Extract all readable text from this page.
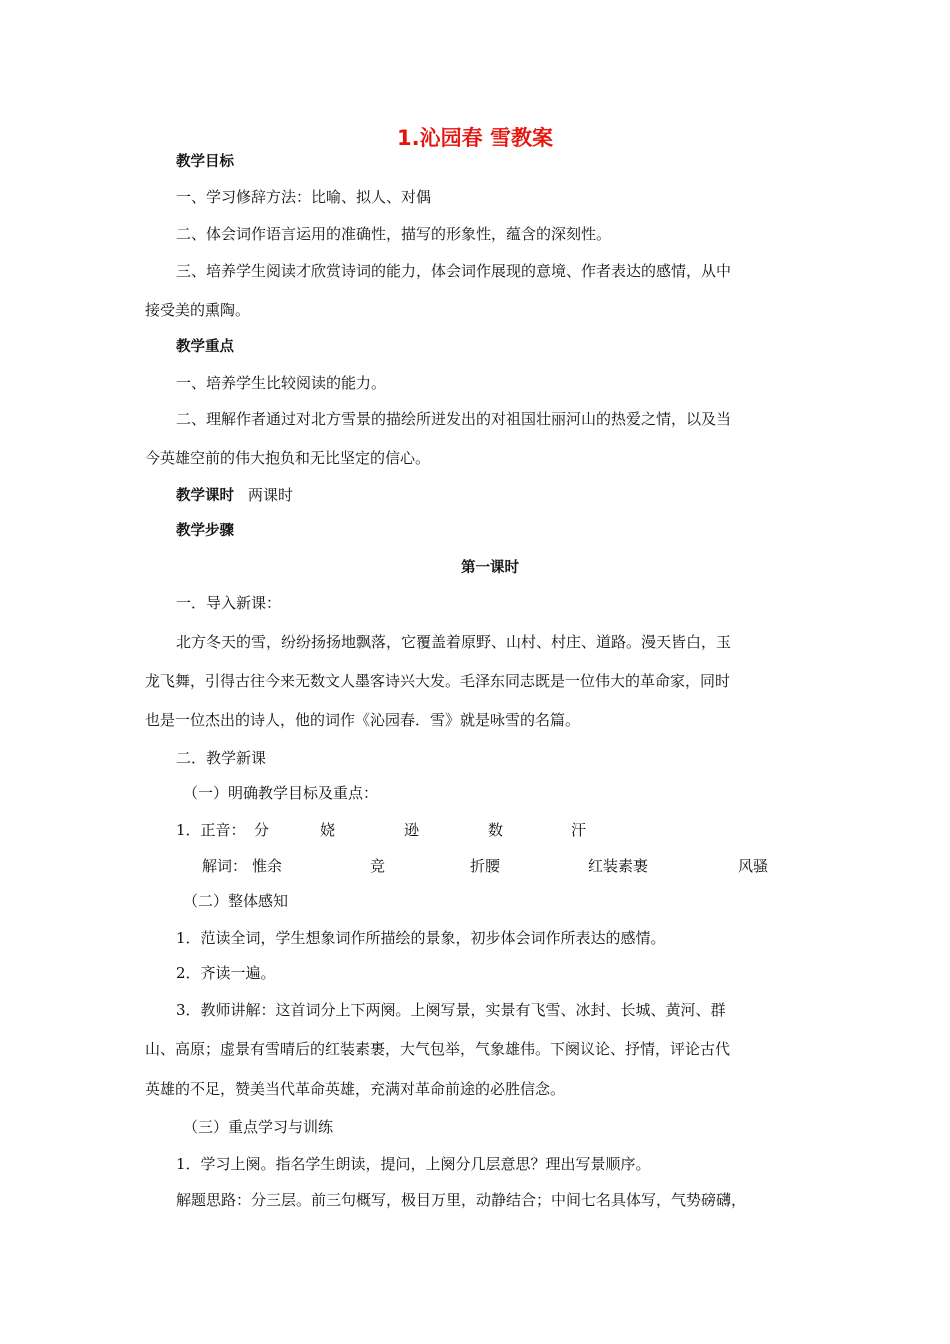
1.沁园春 雪教案
教学目标
一、学习修辞方法：比喻、拟人、对偶
二、体会词作语言运用的准确性，描写的形象性，蕴含的深刻性。
三、培养学生阅读才欣赏诗词的能力，体会词作展现的意境、作者表达的感情，从中
接受美的熏陶。
教学重点
一、培养学生比较阅读的能力。
二、理解作者通过对北方雪景的描绘所迸发出的对祖国壮丽河山的热爱之情，以及当
今英雄空前的伟大抱负和无比坚定的信心。
教学课时 两课时
教学步骤
第一课时
一．导入新课：
北方冬天的雪，纷纷扬扬地飘落，它覆盖着原野、山村、村庄、道路。漫天皆白，玉
龙飞舞，引得古往今来无数文人墨客诗兴大发。毛泽东同志既是一位伟大的革命家，同时
也是一位杰出的诗人，他的词作《沁园春．雪》就是咏雪的名篇。
二．教学新课
（一）明确教学目标及重点：
1．正音： 分	娆	逊	数	汗
解词： 惟余	竞	折腰	红装素裹	风骚
（二）整体感知
1．范读全词，学生想象词作所描绘的景象，初步体会词作所表达的感情。
2．齐读一遍。
3．教师讲解：这首词分上下两阕。上阕写景，实景有飞雪、冰封、长城、黄河、群
山、高原；虚景有雪晴后的红装素裹，大气包举，气象雄伟。下阕议论、抒情，评论古代
英雄的不足，赞美当代革命英雄，充满对革命前途的必胜信念。
（三）重点学习与训练
1．学习上阕。指名学生朗读，提问，上阕分几层意思？理出写景顺序。
解题思路：分三层。前三句概写，极目万里，动静结合；中间七名具体写，气势磅礴，
